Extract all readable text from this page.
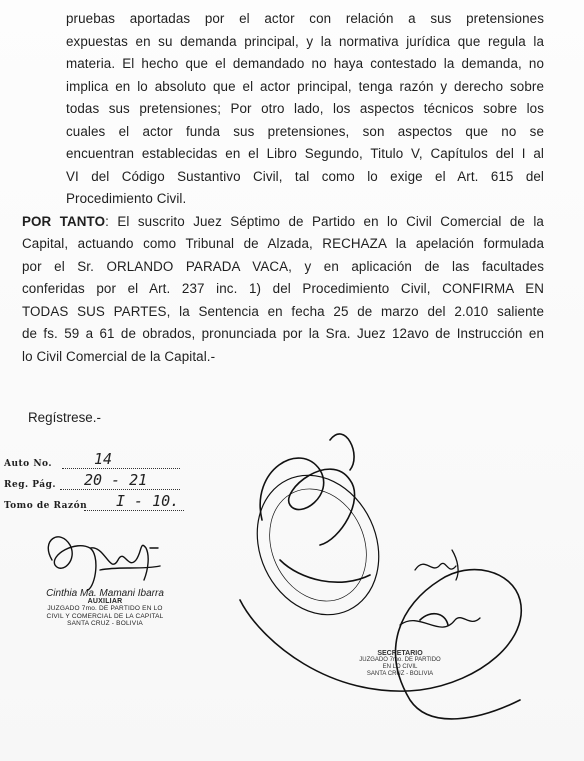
pruebas aportadas por el actor con relación a sus pretensiones
expuestas en su demanda principal, y la normativa jurídica que regula la
materia. El hecho que el demandado no haya contestado la demanda, no
implica en lo absoluto que el actor principal, tenga razón y derecho sobre
todas sus pretensiones; Por otro lado, los aspectos técnicos sobre los
cuales el actor funda sus pretensiones, son aspectos que no se
encuentran establecidas en el Libro Segundo, Titulo V, Capítulos del I al
VI del Código Sustantivo Civil, tal como lo exige el Art. 615 del
Procedimiento Civil.

POR TANTO: El suscrito Juez Séptimo de Partido en lo Civil Comercial de la
Capital, actuando como Tribunal de Alzada, RECHAZA la apelación formulada
por el Sr. ORLANDO PARADA VACA, y en aplicación de las facultades
conferidas por el Art. 237 inc. 1) del Procedimiento Civil, CONFIRMA EN
TODAS SUS PARTES, la Sentencia en fecha 25 de marzo del 2.010 saliente
de fs. 59 a 61 de obrados, pronunciada por la Sra. Juez 12avo de Instrucción en
lo Civil Comercial de la Capital.-

Regístrese.-
Auto No.	14
Reg. Pág. 20 - 21
Tomo de Razón I - 10.
Cinthia Ma. Mamani Ibarra
AUXILIAR
JUZGADO 7mo. DE PARTIDO EN LO
CIVIL Y COMERCIAL DE LA CAPITAL
SANTA CRUZ - BOLIVIA
SECRETARIO
JUZGADO 7mo. DE PARTIDO
EN LO CIVIL
SANTA CRUZ - BOLIVIA
